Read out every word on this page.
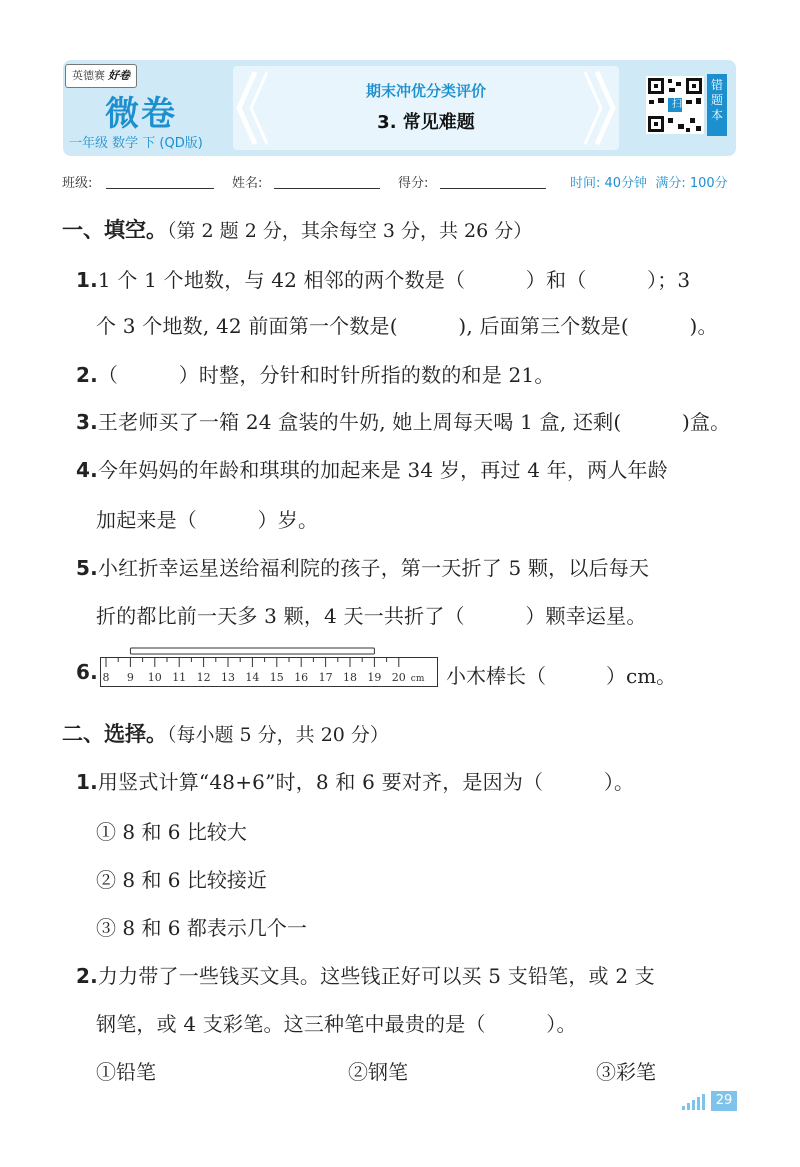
英德赛 好卷
微卷
一年级 数学 下 (QD版)
期末冲优分类评价
3. 常见难题
扫
错
题
本
班级:	姓名:	得分:	时间: 40分钟 满分: 100分
一、填空。（第 2 题 2 分，其余每空 3 分，共 26 分）
1.1 个 1 个地数，与 42 相邻的两个数是（　　　）和（　　　）；3
个 3 个地数, 42 前面第一个数是(　　　), 后面第三个数是(　　　)。
2.（　　　）时整，分针和时针所指的数的和是 21。
3.王老师买了一箱 24 盒装的牛奶, 她上周每天喝 1 盒, 还剩(　　　)盒。
4.今年妈妈的年龄和琪琪的加起来是 34 岁，再过 4 年，两人年龄
加起来是（　　　）岁。
5.小红折幸运星送给福利院的孩子，第一天折了 5 颗，以后每天
折的都比前一天多 3 颗，4 天一共折了（　　　）颗幸运星。
6. 8 9 10 11 12 13 14 15 16 17 18 19 20 cm 小木棒长（　　　）cm。
二、选择。（每小题 5 分，共 20 分）
1.用竖式计算“48+6”时，8 和 6 要对齐，是因为（　　　）。
① 8 和 6 比较大
② 8 和 6 比较接近
③ 8 和 6 都表示几个一
2.力力带了一些钱买文具。这些钱正好可以买 5 支铅笔，或 2 支
钢笔，或 4 支彩笔。这三种笔中最贵的是（　　　）。
①铅笔	②钢笔	③彩笔
29
